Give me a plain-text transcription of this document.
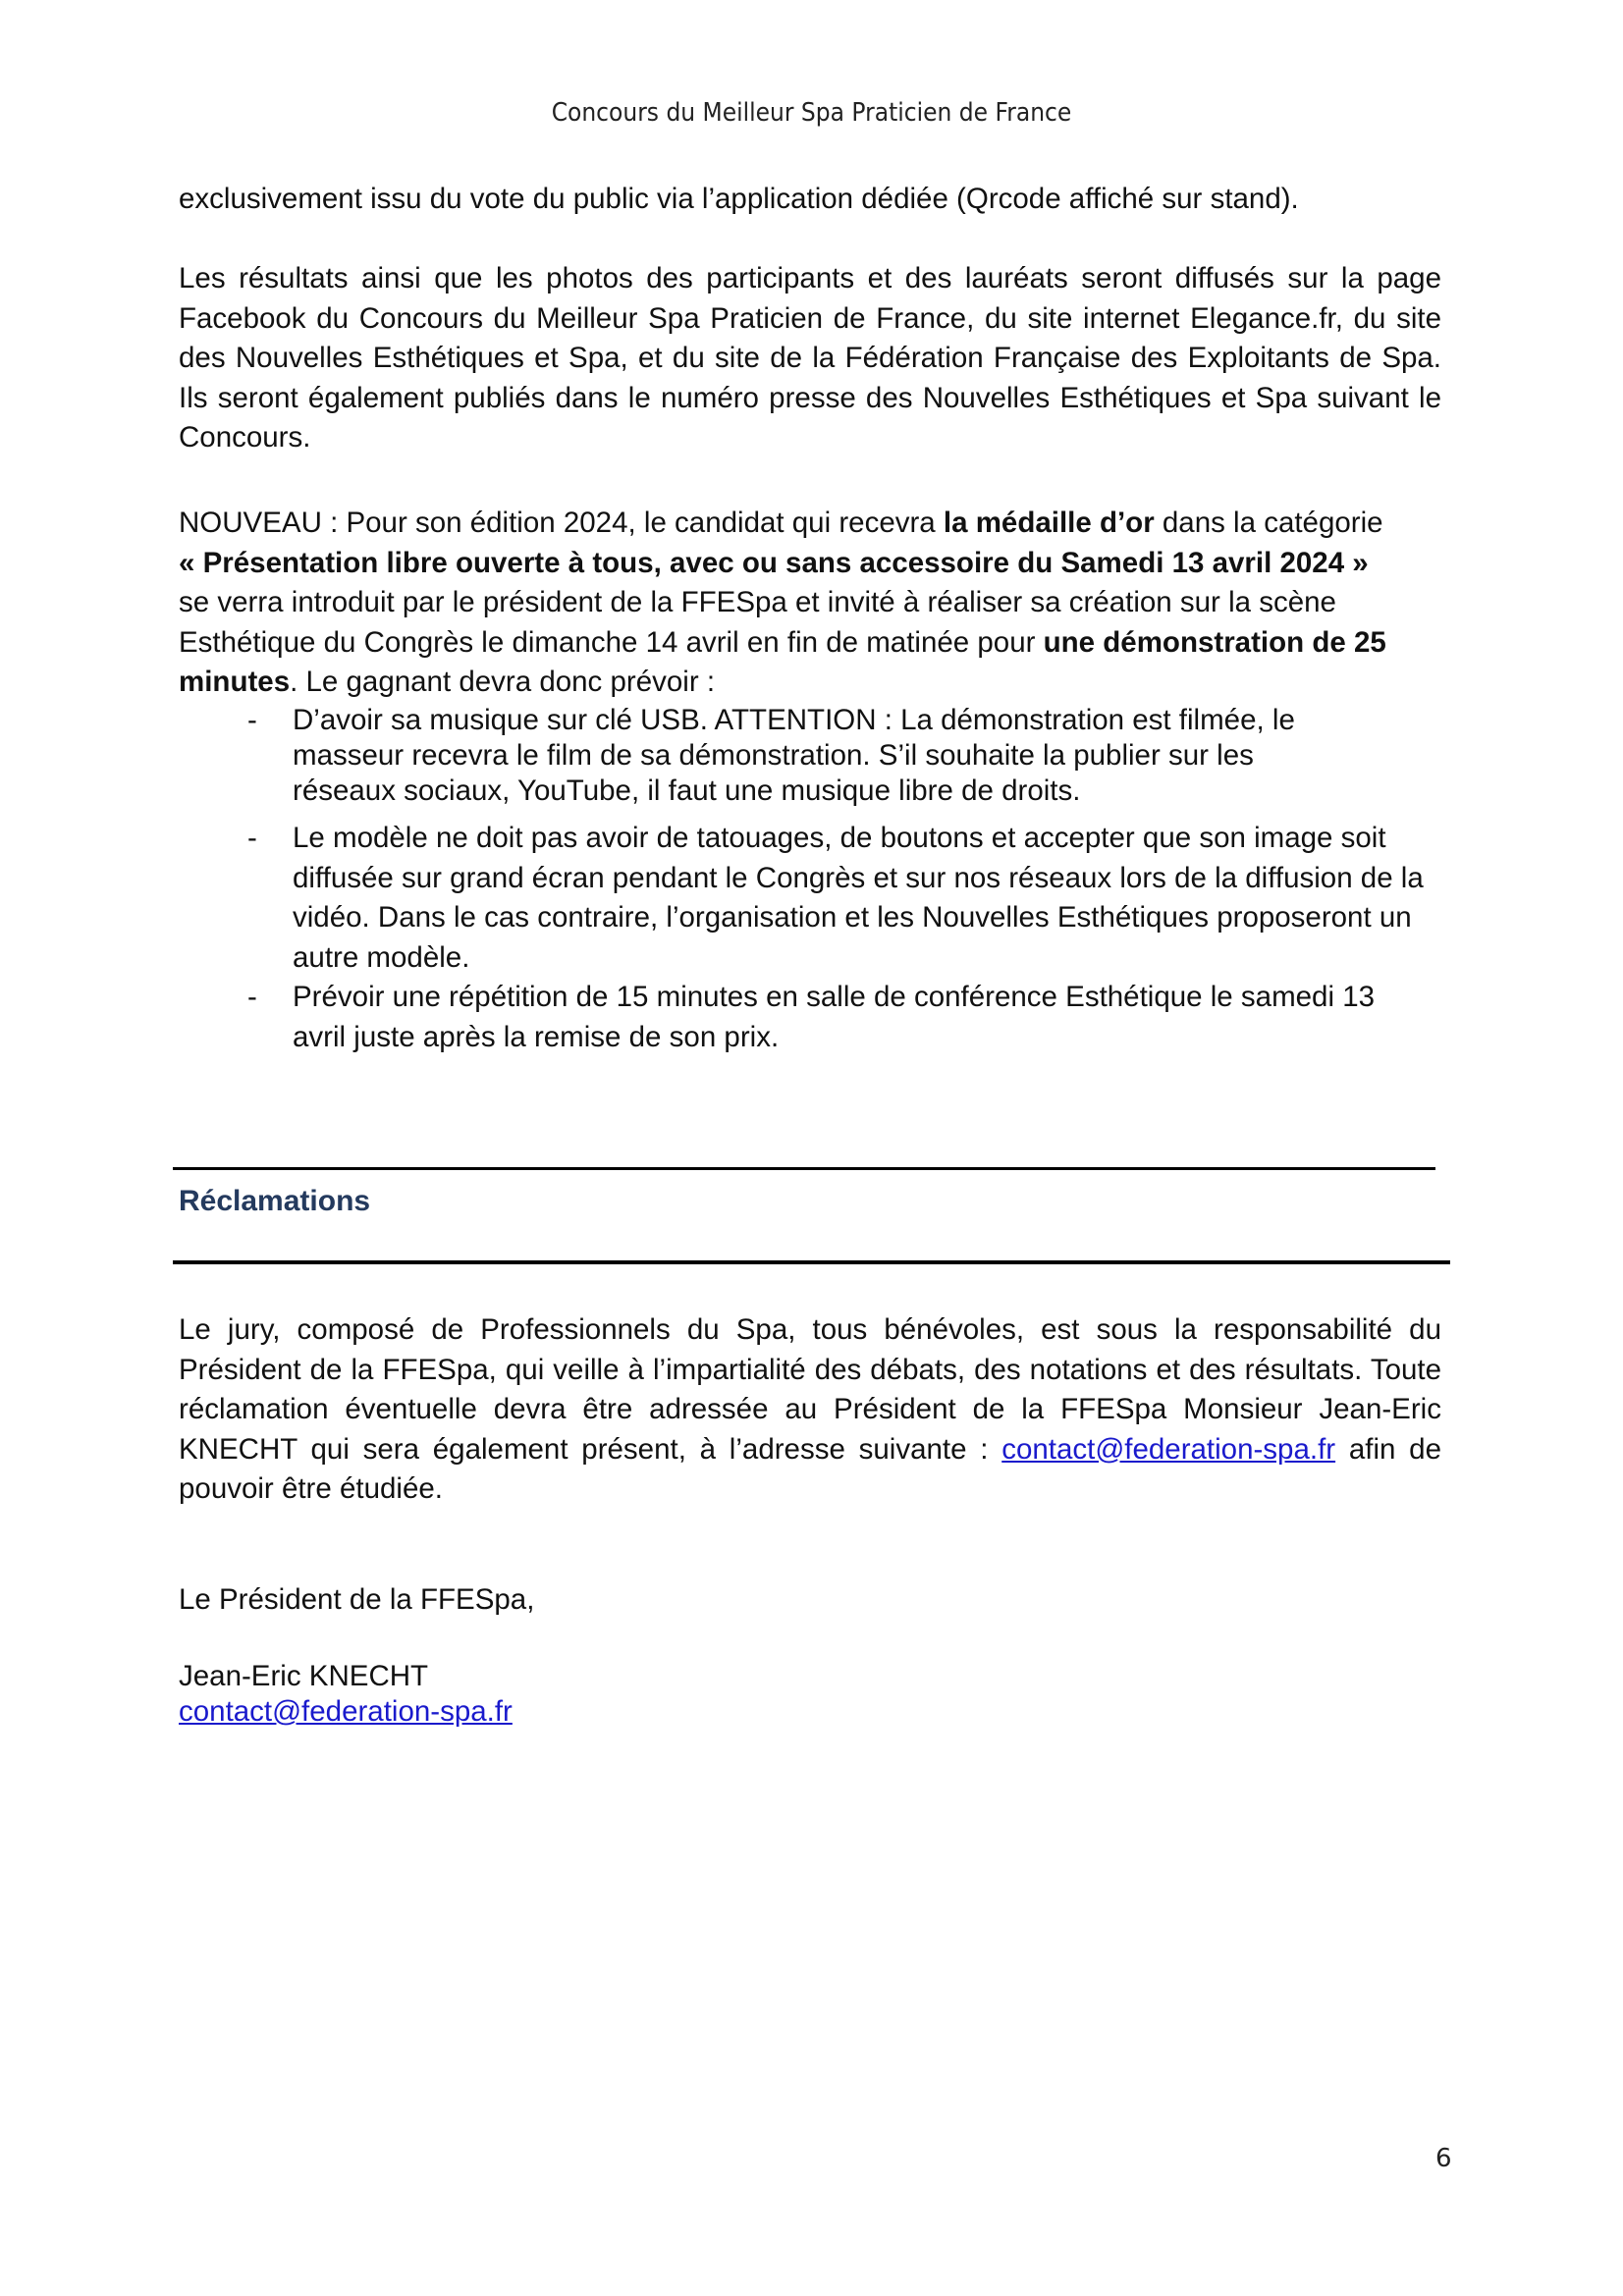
Concours du Meilleur Spa Praticien de France

exclusivement issu du vote du public via l’application dédiée (Qrcode affiché sur stand).

Les résultats ainsi que les photos des participants et des lauréats seront diffusés sur la page Facebook du Concours du Meilleur Spa Praticien de France, du site internet Elegance.fr, du site des Nouvelles Esthétiques et Spa, et du site de la Fédération Française des Exploitants de Spa. Ils seront également publiés dans le numéro presse des Nouvelles Esthétiques et Spa suivant le Concours.

NOUVEAU : Pour son édition 2024, le candidat qui recevra la médaille d’or dans la catégorie
« Présentation libre ouverte à tous, avec ou sans accessoire du Samedi 13 avril 2024 »
se verra introduit par le président de la FFESpa et invité à réaliser sa création sur la scène Esthétique du Congrès le dimanche 14 avril en fin de matinée pour une démonstration de 25 minutes. Le gagnant devra donc prévoir :

- D’avoir sa musique sur clé USB. ATTENTION : La démonstration est filmée, le masseur recevra le film de sa démonstration. S’il souhaite la publier sur les réseaux sociaux, YouTube, il faut une musique libre de droits.

- Le modèle ne doit pas avoir de tatouages, de boutons et accepter que son image soit diffusée sur grand écran pendant le Congrès et sur nos réseaux lors de la diffusion de la vidéo. Dans le cas contraire, l’organisation et les Nouvelles Esthétiques proposeront un autre modèle.

- Prévoir une répétition de 15 minutes en salle de conférence Esthétique le samedi 13 avril juste après la remise de son prix.

Réclamations

Le jury, composé de Professionnels du Spa, tous bénévoles, est sous la responsabilité du Président de la FFESpa, qui veille à l’impartialité des débats, des notations et des résultats. Toute réclamation éventuelle devra être adressée au Président de la FFESpa Monsieur Jean-Eric KNECHT qui sera également présent, à l’adresse suivante : contact@federation-spa.fr afin de pouvoir être étudiée.

Le Président de la FFESpa,

Jean-Eric KNECHT

contact@federation-spa.fr

6
